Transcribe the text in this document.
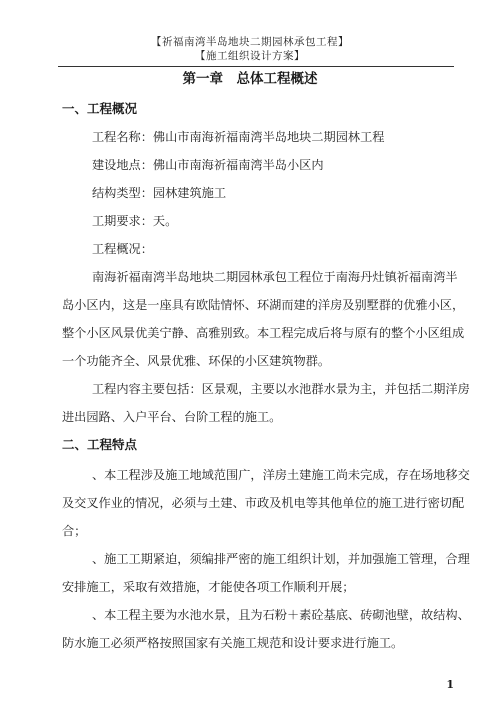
【祈福南湾半岛地块二期园林承包工程】
【施工组织设计方案】
第一章　总体工程概述
一、工程概况
工程名称：佛山市南海祈福南湾半岛地块二期园林工程
建设地点：佛山市南海祈福南湾半岛小区内
结构类型：园林建筑施工
工期要求：天。
工程概况：
南海祈福南湾半岛地块二期园林承包工程位于南海丹灶镇祈福南湾半
岛小区内，这是一座具有欧陆情怀、环湖而建的洋房及别墅群的优雅小区，
整个小区风景优美宁静、高雅别致。本工程完成后将与原有的整个小区组成
一个功能齐全、风景优雅、环保的小区建筑物群。
工程内容主要包括：区景观，主要以水池群水景为主，并包括二期洋房
进出园路、入户平台、台阶工程的施工。
二、工程特点
、本工程涉及施工地域范围广，洋房土建施工尚未完成，存在场地移交
及交叉作业的情况，必须与土建、市政及机电等其他单位的施工进行密切配
合；
、施工工期紧迫，须编排严密的施工组织计划，并加强施工管理，合理
安排施工，采取有效措施，才能使各项工作顺利开展；
、本工程主要为水池水景，且为石粉＋素砼基底、砖砌池壁，故结构、
防水施工必须严格按照国家有关施工规范和设计要求进行施工。
1
